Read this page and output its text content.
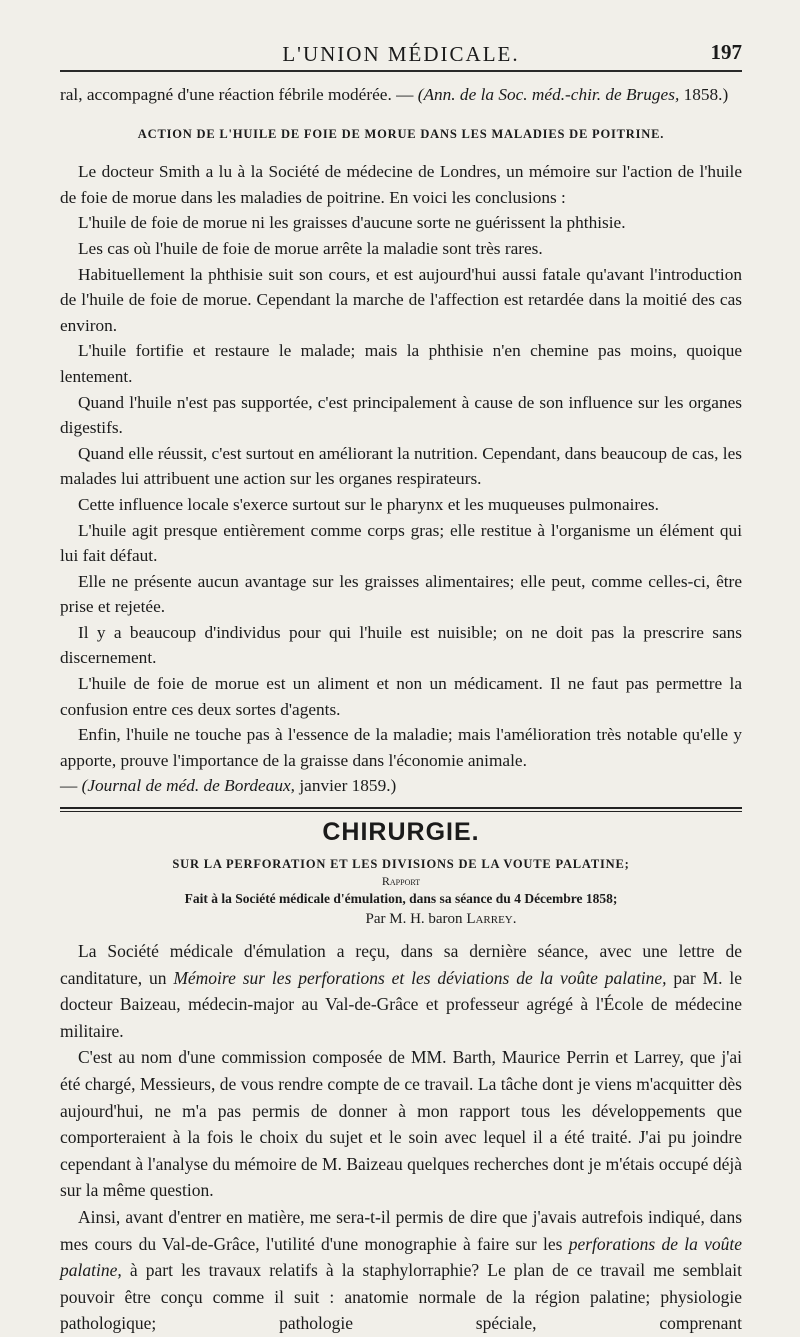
L'UNION MÉDICALE.	197

ral, accompagné d'une réaction fébrile modérée. — (Ann. de la Soc. méd.-chir. de Bruges, 1858.)

ACTION DE L'HUILE DE FOIE DE MORUE DANS LES MALADIES DE POITRINE.

Le docteur Smith a lu à la Société de médecine de Londres, un mémoire sur l'action de l'huile de foie de morue dans les maladies de poitrine. En voici les conclusions :

L'huile de foie de morue ni les graisses d'aucune sorte ne guérissent la phthisie.

Les cas où l'huile de foie de morue arrête la maladie sont très rares.

Habituellement la phthisie suit son cours, et est aujourd'hui aussi fatale qu'avant l'introduction de l'huile de foie de morue. Cependant la marche de l'affection est retardée dans la moitié des cas environ.

L'huile fortifie et restaure le malade; mais la phthisie n'en chemine pas moins, quoique lentement.

Quand l'huile n'est pas supportée, c'est principalement à cause de son influence sur les organes digestifs.

Quand elle réussit, c'est surtout en améliorant la nutrition. Cependant, dans beaucoup de cas, les malades lui attribuent une action sur les organes respirateurs.

Cette influence locale s'exerce surtout sur le pharynx et les muqueuses pulmonaires.

L'huile agit presque entièrement comme corps gras; elle restitue à l'organisme un élément qui lui fait défaut.

Elle ne présente aucun avantage sur les graisses alimentaires; elle peut, comme celles-ci, être prise et rejetée.

Il y a beaucoup d'individus pour qui l'huile est nuisible; on ne doit pas la prescrire sans discernement.

L'huile de foie de morue est un aliment et non un médicament. Il ne faut pas permettre la confusion entre ces deux sortes d'agents.

Enfin, l'huile ne touche pas à l'essence de la maladie; mais l'amélioration très notable qu'elle y apporte, prouve l'importance de la graisse dans l'économie animale.

— (Journal de méd. de Bordeaux, janvier 1859.)

CHIRURGIE.
SUR LA PERFORATION ET LES DIVISIONS DE LA VOUTE PALATINE;
Rapport
Fait à la Société médicale d'émulation, dans sa séance du 4 Décembre 1858;
Par M. H. baron Larrey.

La Société médicale d'émulation a reçu, dans sa dernière séance, avec une lettre de canditature, un Mémoire sur les perforations et les déviations de la voûte palatine, par M. le docteur Baizeau, médecin-major au Val-de-Grâce et professeur agrégé à l'École de médecine militaire.

C'est au nom d'une commission composée de MM. Barth, Maurice Perrin et Larrey, que j'ai été chargé, Messieurs, de vous rendre compte de ce travail. La tâche dont je viens m'acquitter dès aujourd'hui, ne m'a pas permis de donner à mon rapport tous les développements que comporteraient à la fois le choix du sujet et le soin avec lequel il a été traité. J'ai pu joindre cependant à l'analyse du mémoire de M. Baizeau quelques recherches dont je m'étais occupé déjà sur la même question.

Ainsi, avant d'entrer en matière, me sera-t-il permis de dire que j'avais autrefois indiqué, dans mes cours du Val-de-Grâce, l'utilité d'une monographie à faire sur les perforations de la voûte palatine, à part les travaux relatifs à la staphylorraphie? Le plan de ce travail me semblait pouvoir être conçu comme il suit : anatomie normale de la région palatine; physiologie pathologique; pathologie spéciale, comprenant
